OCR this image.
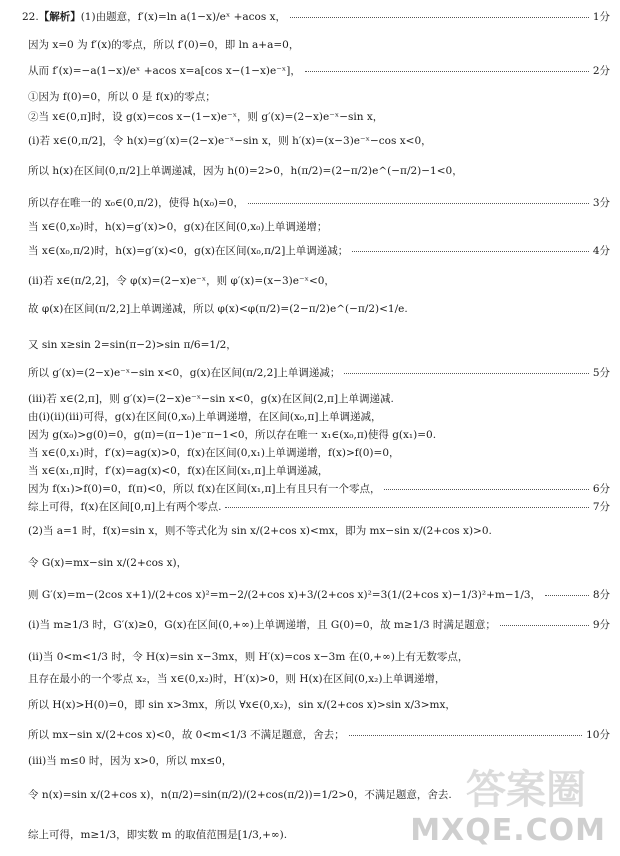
22. 【解析】 (1)由题意，f′(x)=ln a(1−x)/eˣ +acos x，	1分
因为 x=0 为 f′(x)的零点，所以 f′(0)=0，即 ln a+a=0，
从而 f′(x)=−a(1−x)/eˣ +acos x=a[cos x−(1−x)e⁻ˣ]，	2分
①因为 f(0)=0，所以 0 是 f(x)的零点；
②当 x∈(0,π]时，设 g(x)=cos x−(1−x)e⁻ˣ，则 g′(x)=(2−x)e⁻ˣ−sin x，
(ⅰ)若 x∈(0,π/2]，令 h(x)=g′(x)=(2−x)e⁻ˣ−sin x，则 h′(x)=(x−3)e⁻ˣ−cos x<0，
所以 h(x)在区间(0,π/2]上单调递减，因为 h(0)=2>0，h(π/2)=(2−π/2)e^(−π/2)−1<0，
所以存在唯一的 x₀∈(0,π/2)，使得 h(x₀)=0，	3分
当 x∈(0,x₀)时，h(x)=g′(x)>0，g(x)在区间(0,x₀)上单调递增；
当 x∈(x₀,π/2)时，h(x)=g′(x)<0，g(x)在区间(x₀,π/2]上单调递减；	4分
(ⅱ)若 x∈(π/2,2]，令 φ(x)=(2−x)e⁻ˣ，则 φ′(x)=(x−3)e⁻ˣ<0，
故 φ(x)在区间(π/2,2]上单调递减，所以 φ(x)<φ(π/2)=(2−π/2)e^(−π/2)<1/e.
又 sin x≥sin 2=sin(π−2)>sin π/6=1/2，
所以 g′(x)=(2−x)e⁻ˣ−sin x<0，g(x)在区间(π/2,2]上单调递减；	5分
(ⅲ)若 x∈(2,π]，则 g′(x)=(2−x)e⁻ˣ−sin x<0，g(x)在区间(2,π]上单调递减.
由(ⅰ)(ⅱ)(ⅲ)可得，g(x)在区间(0,x₀)上单调递增，在区间(x₀,π]上单调递减，
因为 g(x₀)>g(0)=0，g(π)=(π−1)e⁻π−1<0，所以存在唯一 x₁∈(x₀,π)使得 g(x₁)=0.
当 x∈(0,x₁)时，f′(x)=ag(x)>0，f(x)在区间(0,x₁)上单调递增，f(x)>f(0)=0，
当 x∈(x₁,π]时，f′(x)=ag(x)<0，f(x)在区间(x₁,π]上单调递减，
因为 f(x₁)>f(0)=0，f(π)<0，所以 f(x)在区间(x₁,π]上有且只有一个零点，	6分
综上可得，f(x)在区间[0,π]上有两个零点.	7分
(2)当 a=1 时，f(x)=sin x，则不等式化为 sin x/(2+cos x)<mx，即为 mx−sin x/(2+cos x)>0.
令 G(x)=mx−sin x/(2+cos x)，
则 G′(x)=m−(2cos x+1)/(2+cos x)²=m−2/(2+cos x)+3/(2+cos x)²=3(1/(2+cos x)−1/3)²+m−1/3，	8分
(ⅰ)当 m≥1/3 时，G′(x)≥0，G(x)在区间(0,+∞)上单调递增，且 G(0)=0，故 m≥1/3 时满足题意；	9分
(ⅱ)当 0<m<1/3 时，令 H(x)=sin x−3mx，则 H′(x)=cos x−3m 在(0,+∞)上有无数零点，
且存在最小的一个零点 x₂，当 x∈(0,x₂)时，H′(x)>0，则 H(x)在区间(0,x₂)上单调递增，
所以 H(x)>H(0)=0，即 sin x>3mx，所以 ∀x∈(0,x₂)，sin x/(2+cos x)>sin x/3>mx，
所以 mx−sin x/(2+cos x)<0，故 0<m<1/3 不满足题意，舍去；	10分
(ⅲ)当 m≤0 时，因为 x>0，所以 mx≤0，
令 n(x)=sin x/(2+cos x)，n(π/2)=sin(π/2)/(2+cos(π/2))=1/2>0，不满足题意，舍去.
综上可得，m≥1/3，即实数 m 的取值范围是[1/3,+∞).
答案圈
MXQE.COM
